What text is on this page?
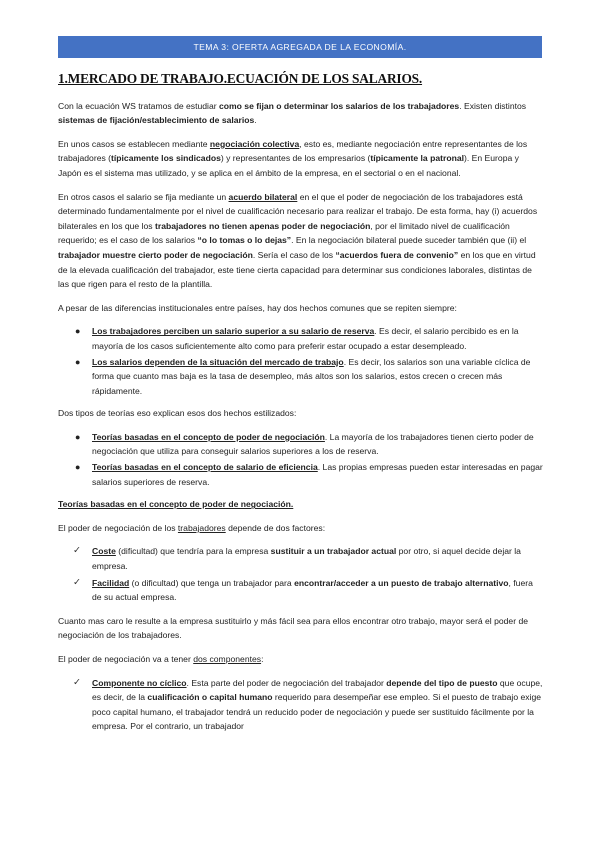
TEMA 3: OFERTA AGREGADA DE LA ECONOMÍA.
1.MERCADO DE TRABAJO.ECUACIÓN DE LOS SALARIOS.

Con la ecuación WS tratamos de estudiar como se fijan o determinar los salarios de los trabajadores. Existen distintos sistemas de fijación/establecimiento de salarios.

En unos casos se establecen mediante negociación colectiva, esto es, mediante negociación entre representantes de los trabajadores (típicamente los sindicados) y representantes de los empresarios (típicamente la patronal). En Europa y Japón es el sistema mas utilizado, y se aplica en el ámbito de la empresa, en el sectorial o en el nacional.

En otros casos el salario se fija mediante un acuerdo bilateral en el que el poder de negociación de los trabajadores está determinado fundamentalmente por el nivel de cualificación necesario para realizar el trabajo. De esta forma, hay (i) acuerdos bilaterales en los que los trabajadores no tienen apenas poder de negociación, por el limitado nivel de cualificación requerido; es el caso de los salarios “o lo tomas o lo dejas”. En la negociación bilateral puede suceder también que (ii) el trabajador muestre cierto poder de negociación. Sería el caso de los “acuerdos fuera de convenio” en los que en virtud de la elevada cualificación del trabajador, este tiene cierta capacidad para determinar sus condiciones laborales, distintas de las que rigen para el resto de la plantilla.

A pesar de las diferencias institucionales entre países, hay dos hechos comunes que se repiten siempre:

● Los trabajadores perciben un salario superior a su salario de reserva. Es decir, el salario percibido es en la mayoría de los casos suficientemente alto como para preferir estar ocupado a estar desempleado.
● Los salarios dependen de la situación del mercado de trabajo. Es decir, los salarios son una variable cíclica de forma que cuanto mas baja es la tasa de desempleo, más altos son los salarios, estos crecen o crecen más rápidamente.

Dos tipos de teorías eso explican esos dos hechos estilizados:

● Teorías basadas en el concepto de poder de negociación. La mayoría de los trabajadores tienen cierto poder de negociación que utiliza para conseguir salarios superiores a los de reserva.
● Teorías basadas en el concepto de salario de eficiencia. Las propias empresas pueden estar interesadas en pagar salarios superiores de reserva.

Teorías basadas en el concepto de poder de negociación.

El poder de negociación de los trabajadores depende de dos factores:

✓ Coste (dificultad) que tendría para la empresa sustituir a un trabajador actual por otro, si aquel decide dejar la empresa.
✓ Facilidad (o dificultad) que tenga un trabajador para encontrar/acceder a un puesto de trabajo alternativo, fuera de su actual empresa.

Cuanto mas caro le resulte a la empresa sustituirlo y más fácil sea para ellos encontrar otro trabajo, mayor será el poder de negociación de los trabajadores.

El poder de negociación va a tener dos componentes:

✓ Componente no cíclico. Esta parte del poder de negociación del trabajador depende del tipo de puesto que ocupe, es decir, de la cualificación o capital humano requerido para desempeñar ese empleo. Si el puesto de trabajo exige poco capital humano, el trabajador tendrá un reducido poder de negociación y puede ser sustituido fácilmente por la empresa. Por el contrario, un trabajador
